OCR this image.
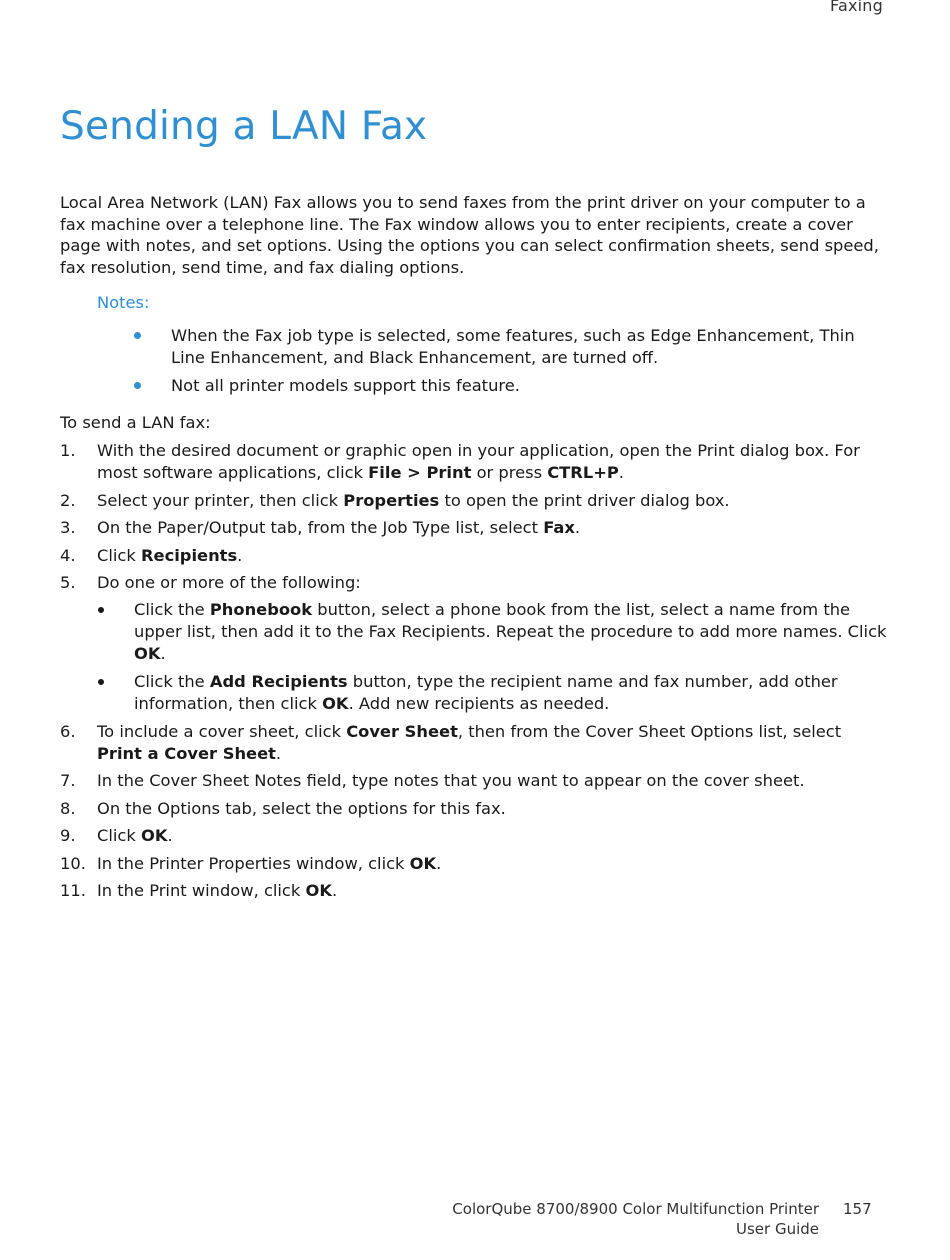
Faxing
Sending a LAN Fax

Local Area Network (LAN) Fax allows you to send faxes from the print driver on your computer to a fax machine over a telephone line. The Fax window allows you to enter recipients, create a cover page with notes, and set options. Using the options you can select confirmation sheets, send speed, fax resolution, send time, and fax dialing options.

Notes:
When the Fax job type is selected, some features, such as Edge Enhancement, Thin Line Enhancement, and Black Enhancement, are turned off.
Not all printer models support this feature.
To send a LAN fax:
1. With the desired document or graphic open in your application, open the Print dialog box. For most software applications, click File > Print or press CTRL+P.
2. Select your printer, then click Properties to open the print driver dialog box.
3. On the Paper/Output tab, from the Job Type list, select Fax.
4. Click Recipients.
5. Do one or more of the following:
Click the Phonebook button, select a phone book from the list, select a name from the upper list, then add it to the Fax Recipients. Repeat the procedure to add more names. Click OK.
Click the Add Recipients button, type the recipient name and fax number, add other information, then click OK. Add new recipients as needed.
6. To include a cover sheet, click Cover Sheet, then from the Cover Sheet Options list, select Print a Cover Sheet.
7. In the Cover Sheet Notes field, type notes that you want to appear on the cover sheet.
8. On the Options tab, select the options for this fax.
9. Click OK.
10. In the Printer Properties window, click OK.
11. In the Print window, click OK.
ColorQube 8700/8900 Color Multifunction Printer
User Guide
157
